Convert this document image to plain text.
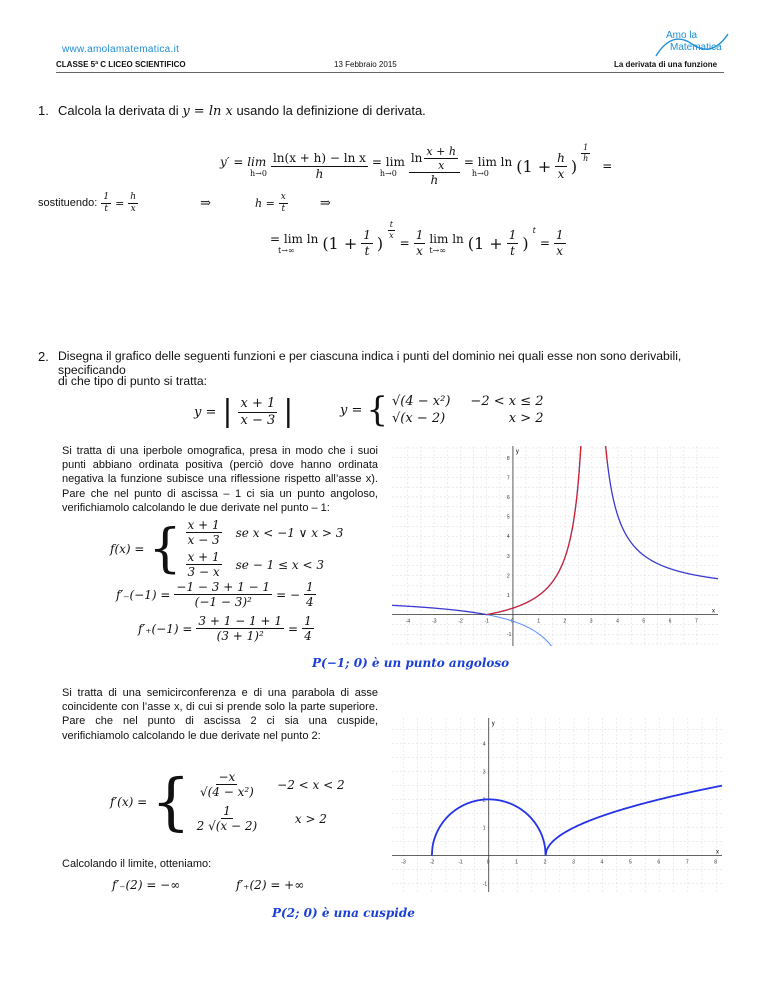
www.amolamatematica.it
Amo la
Matematica
CLASSE 5ª C LICEO SCIENTIFICO	13 Febbraio 2015	La derivata di una funzione
1. Calcola la derivata di y = ln x usando la definizione di derivata.
y′ = lim
$h\to 0 \frac{\text{ln(x + h) − ln x}}{h} = \lim$
$h\to 0 \frac{\ln \frac{x + h}{x}}{h} = \lim \ln$
h→0 ($1 + \frac{h}{x}$ )
$\frac{1}{h}$
=
sostituendo: $\frac{1}{t} = \frac{h}{x}$	⇒	$h = \frac{x}{t}$ ⇒
= lim ln
t→∞ ($1 + \frac{1}{t}$ )
$\frac{t}{x}$
= $\frac{1}{x}$ lim ln
t→∞ ($1 + \frac{1}{t}$ )
t
= $\frac{1}{x}$
2. Disegna il grafico delle seguenti funzioni e per ciascuna indica i punti del dominio nei quali esse non sono derivabili, specificando
di che tipo di punto si tratta:
y = | $\frac{x + 1}{x - 3}$ |	y = { √(4 − x²) −2 < x ≤ 2
√(x − 2)	x > 2
Si tratta di una iperbole omografica, presa in modo che i suoi punti abbiano ordinata positiva (perciò dove hanno ordinata negativa la funzione subisce una riflessione rispetto all’asse x). Pare che nel punto di ascissa – 1 ci sia un punto angoloso, verifichiamolo calcolando le due derivate nel punto – 1:
f(x) = { $\frac{x + 1}{x - 3}$ se x < −1 ∨ x > 3
$\frac{x + 1}{3 - x}$ se − 1 ≤ x < 3
$f'_-(-1) = \frac{-1 - 3 + 1 - 1}{\text{(−1 − 3)²}}$ = − $\frac{1}{4}$
$f'_+(-1) = \frac{3 + 1 - 1 + 1}{\text{(3 + 1)²}} = \frac{1}{4}$
P(−1; 0) è un punto angoloso
-4	-3	-2	-1	0	1	2	3	4	5	6	7
-1
1
2
3
4
5
6
7
8
x
y
Si tratta di una semicirconferenza e di una parabola di asse coincidente con l’asse x, di cui si prende solo la parte superiore. Pare che nel punto di ascissa 2 ci sia una cuspide, verifichiamolo calcolando le due derivate nel punto 2:
f′(x) = { $\frac{-x}{\text{√(4 − x²)}} -2 < x < 2$
$\frac{1}{2 √(x - 2)}$	x > 2
Calcolando il limite, otteniamo:
f′₋(2) = −∞	f′₊(2) = +∞
P(2; 0) è una cuspide
-3	-2	-1	0	1	2	3	4	5	6	7	8
-1
1
2
3
4
x
y
